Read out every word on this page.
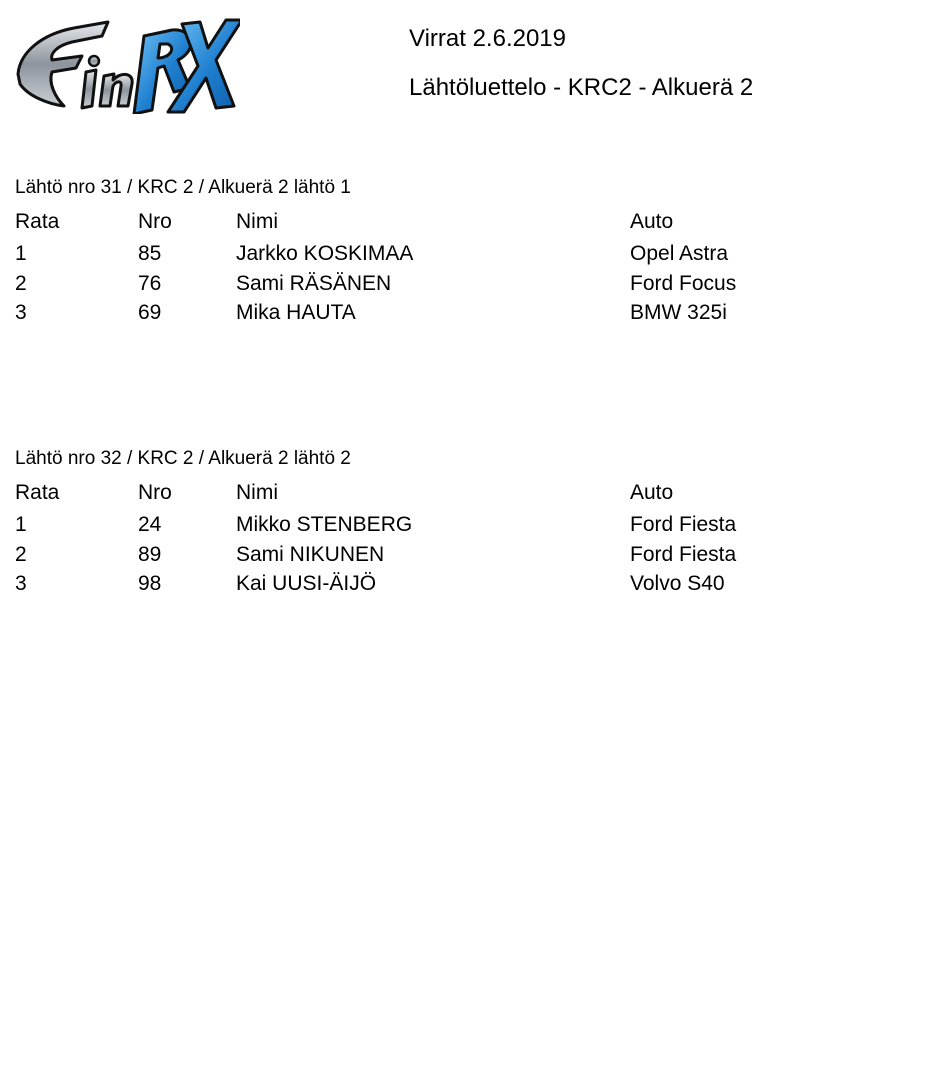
Virrat 2.6.2019
Lähtöluettelo - KRC2 - Alkuerä 2
Lähtö nro 31 / KRC 2 / Alkuerä 2 lähtö 1
Rata	Nro	Nimi	Auto
1	85	Jarkko KOSKIMAA	Opel Astra
2	76	Sami RÄSÄNEN	Ford Focus
3	69	Mika HAUTA	BMW 325i
Lähtö nro 32 / KRC 2 / Alkuerä 2 lähtö 2
Rata	Nro	Nimi	Auto
1	24	Mikko STENBERG	Ford Fiesta
2	89	Sami NIKUNEN	Ford Fiesta
3	98	Kai UUSI-ÄIJÖ	Volvo S40
